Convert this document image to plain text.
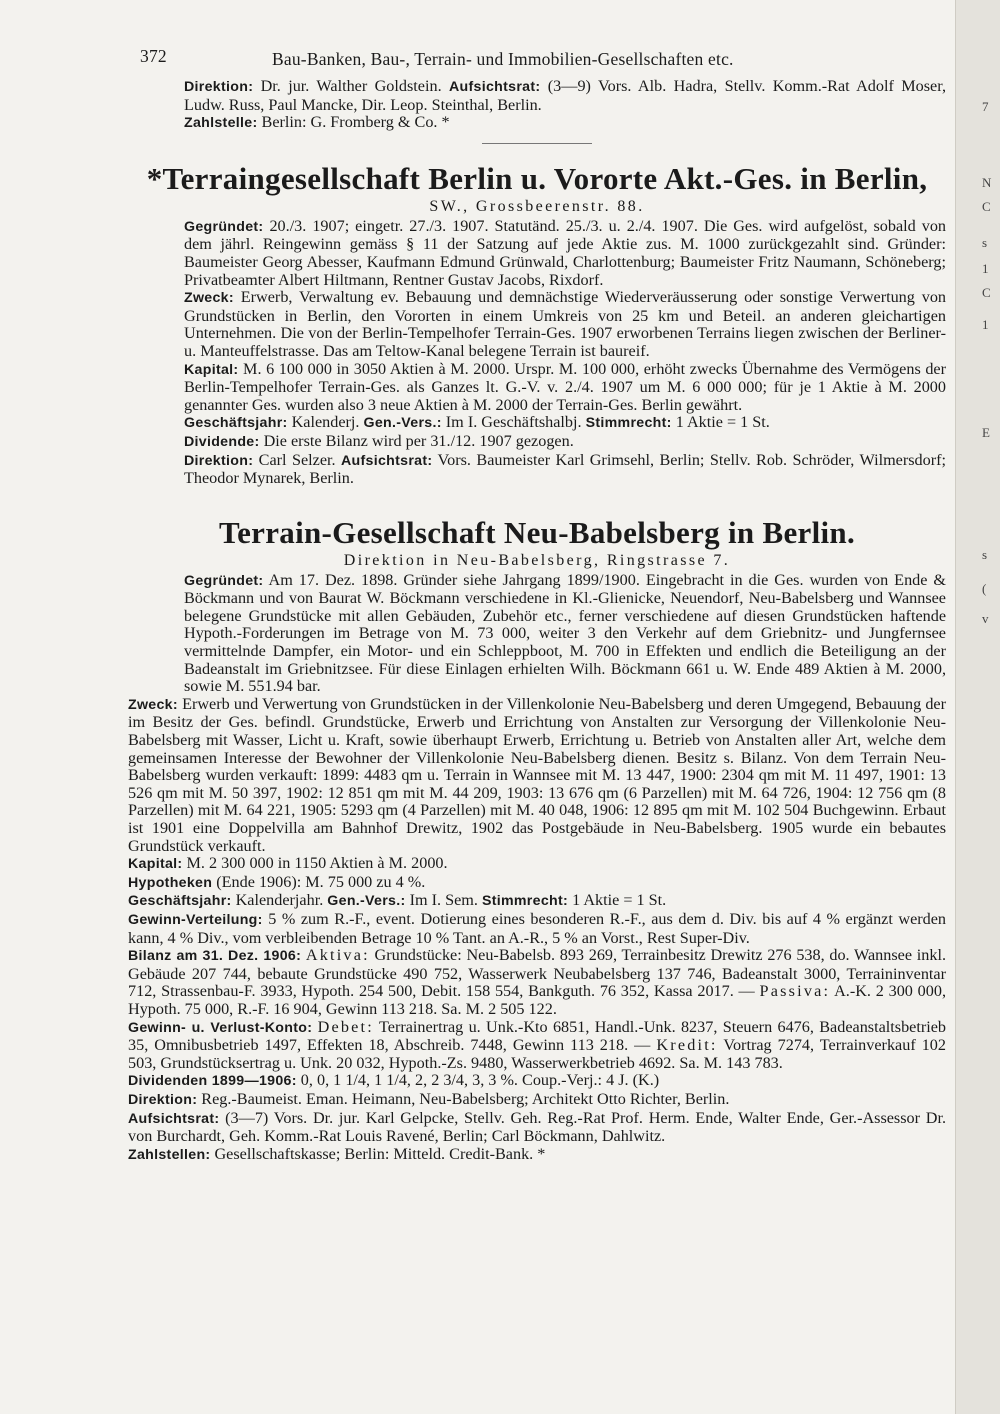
7
N
C
s
1
C
1
E
s
(
v
372	Bau-Banken, Bau-, Terrain- und Immobilien-Gesellschaften etc.

Direktion: Dr. jur. Walther Goldstein. Aufsichtsrat: (3—9) Vors. Alb. Hadra, Stellv. Komm.-Rat Adolf Moser, Ludw. Russ, Paul Mancke, Dir. Leop. Steinthal, Berlin.

Zahlstelle: Berlin: G. Fromberg & Co. *

*Terraingesellschaft Berlin u. Vororte Akt.-Ges. in Berlin,
SW., Grossbeerenstr. 88.

Gegründet: 20./3. 1907; eingetr. 27./3. 1907. Statutänd. 25./3. u. 2./4. 1907. Die Ges. wird aufgelöst, sobald von dem jährl. Reingewinn gemäss § 11 der Satzung auf jede Aktie zus. M. 1000 zurückgezahlt sind. Gründer: Baumeister Georg Abesser, Kaufmann Edmund Grünwald, Charlottenburg; Baumeister Fritz Naumann, Schöneberg; Privatbeamter Albert Hiltmann, Rentner Gustav Jacobs, Rixdorf.

Zweck: Erwerb, Verwaltung ev. Bebauung und demnächstige Wiederveräusserung oder sonstige Verwertung von Grundstücken in Berlin, den Vororten in einem Umkreis von 25 km und Beteil. an anderen gleichartigen Unternehmen. Die von der Berlin-Tempelhofer Terrain-Ges. 1907 erworbenen Terrains liegen zwischen der Berliner- u. Manteuffelstrasse. Das am Teltow-Kanal belegene Terrain ist baureif.

Kapital: M. 6 100 000 in 3050 Aktien à M. 2000. Urspr. M. 100 000, erhöht zwecks Übernahme des Vermögens der Berlin-Tempelhofer Terrain-Ges. als Ganzes lt. G.-V. v. 2./4. 1907 um M. 6 000 000; für je 1 Aktie à M. 2000 genannter Ges. wurden also 3 neue Aktien à M. 2000 der Terrain-Ges. Berlin gewährt.

Geschäftsjahr: Kalenderj. Gen.-Vers.: Im I. Geschäftshalbj. Stimmrecht: 1 Aktie = 1 St.

Dividende: Die erste Bilanz wird per 31./12. 1907 gezogen.

Direktion: Carl Selzer. Aufsichtsrat: Vors. Baumeister Karl Grimsehl, Berlin; Stellv. Rob. Schröder, Wilmersdorf; Theodor Mynarek, Berlin.

Terrain-Gesellschaft Neu-Babelsberg in Berlin.
Direktion in Neu-Babelsberg, Ringstrasse 7.

Gegründet: Am 17. Dez. 1898. Gründer siehe Jahrgang 1899/1900. Eingebracht in die Ges. wurden von Ende & Böckmann und von Baurat W. Böckmann verschiedene in Kl.-Glienicke, Neuendorf, Neu-Babelsberg und Wannsee belegene Grundstücke mit allen Gebäuden, Zubehör etc., ferner verschiedene auf diesen Grundstücken haftende Hypoth.-Forderungen im Betrage von M. 73 000, weiter 3 den Verkehr auf dem Griebnitz- und Jungfernsee vermittelnde Dampfer, ein Motor- und ein Schleppboot, M. 700 in Effekten und endlich die Beteiligung an der Badeanstalt im Griebnitzsee. Für diese Einlagen erhielten Wilh. Böckmann 661 u. W. Ende 489 Aktien à M. 2000, sowie M. 551.94 bar.

Zweck: Erwerb und Verwertung von Grundstücken in der Villenkolonie Neu-Babelsberg und deren Umgegend, Bebauung der im Besitz der Ges. befindl. Grundstücke, Erwerb und Errichtung von Anstalten zur Versorgung der Villenkolonie Neu-Babelsberg mit Wasser, Licht u. Kraft, sowie überhaupt Erwerb, Errichtung u. Betrieb von Anstalten aller Art, welche dem gemeinsamen Interesse der Bewohner der Villenkolonie Neu-Babelsberg dienen. Besitz s. Bilanz. Von dem Terrain Neu-Babelsberg wurden verkauft: 1899: 4483 qm u. Terrain in Wannsee mit M. 13 447, 1900: 2304 qm mit M. 11 497, 1901: 13 526 qm mit M. 50 397, 1902: 12 851 qm mit M. 44 209, 1903: 13 676 qm (6 Parzellen) mit M. 64 726, 1904: 12 756 qm (8 Parzellen) mit M. 64 221, 1905: 5293 qm (4 Parzellen) mit M. 40 048, 1906: 12 895 qm mit M. 102 504 Buchgewinn. Erbaut ist 1901 eine Doppelvilla am Bahnhof Drewitz, 1902 das Postgebäude in Neu-Babelsberg. 1905 wurde ein bebautes Grundstück verkauft.

Kapital: M. 2 300 000 in 1150 Aktien à M. 2000.

Hypotheken (Ende 1906): M. 75 000 zu 4 %.

Geschäftsjahr: Kalenderjahr. Gen.-Vers.: Im I. Sem. Stimmrecht: 1 Aktie = 1 St.

Gewinn-Verteilung: 5 % zum R.-F., event. Dotierung eines besonderen R.-F., aus dem d. Div. bis auf 4 % ergänzt werden kann, 4 % Div., vom verbleibenden Betrage 10 % Tant. an A.-R., 5 % an Vorst., Rest Super-Div.

Bilanz am 31. Dez. 1906: Aktiva: Grundstücke: Neu-Babelsb. 893 269, Terrainbesitz Drewitz 276 538, do. Wannsee inkl. Gebäude 207 744, bebaute Grundstücke 490 752, Wasserwerk Neubabelsberg 137 746, Badeanstalt 3000, Terraininventar 712, Strassenbau-F. 3933, Hypoth. 254 500, Debit. 158 554, Bankguth. 76 352, Kassa 2017. — Passiva: A.-K. 2 300 000, Hypoth. 75 000, R.-F. 16 904, Gewinn 113 218. Sa. M. 2 505 122.

Gewinn- u. Verlust-Konto: Debet: Terrainertrag u. Unk.-Kto 6851, Handl.-Unk. 8237, Steuern 6476, Badeanstaltsbetrieb 35, Omnibusbetrieb 1497, Effekten 18, Abschreib. 7448, Gewinn 113 218. — Kredit: Vortrag 7274, Terrainverkauf 102 503, Grundstücksertrag u. Unk. 20 032, Hypoth.-Zs. 9480, Wasserwerkbetrieb 4692. Sa. M. 143 783.

Dividenden 1899—1906: 0, 0, 1 1/4, 1 1/4, 2, 2 3/4, 3, 3 %. Coup.-Verj.: 4 J. (K.)

Direktion: Reg.-Baumeist. Eman. Heimann, Neu-Babelsberg; Architekt Otto Richter, Berlin.

Aufsichtsrat: (3—7) Vors. Dr. jur. Karl Gelpcke, Stellv. Geh. Reg.-Rat Prof. Herm. Ende, Walter Ende, Ger.-Assessor Dr. von Burchardt, Geh. Komm.-Rat Louis Ravené, Berlin; Carl Böckmann, Dahlwitz.

Zahlstellen: Gesellschaftskasse; Berlin: Mitteld. Credit-Bank. *
